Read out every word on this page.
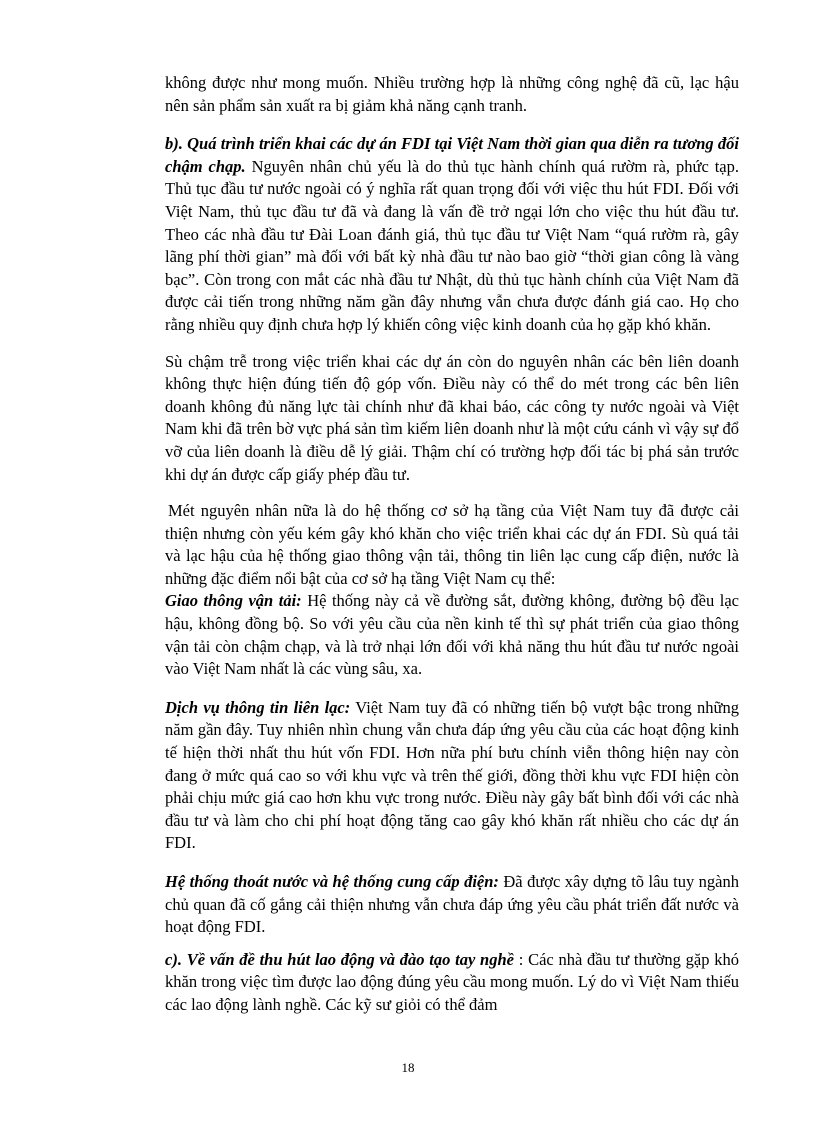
không được như mong muốn. Nhiều trường hợp là những công nghệ đã cũ, lạc hậu nên sản phẩm sản xuất ra bị giảm khả năng cạnh tranh.

b). Quá trình triển khai các dự án FDI tại Việt Nam thời gian qua diễn ra tương đối chậm chạp. Nguyên nhân chủ yếu là do thủ tục hành chính quá rườm rà, phức tạp. Thủ tục đầu tư nước ngoài có ý nghĩa rất quan trọng đối với việc thu hút FDI. Đối với Việt Nam, thủ tục đầu tư đã và đang là vấn đề trở ngại lớn cho việc thu hút đầu tư. Theo các nhà đầu tư Đài Loan đánh giá, thủ tục đầu tư Việt Nam “quá rườm rà, gây lãng phí thời gian” mà đối với bất kỳ nhà đầu tư nào bao giờ “thời gian công là vàng bạc”. Còn trong con mắt các nhà đầu tư Nhật, dù thủ tục hành chính của Việt Nam đã được cải tiến trong những năm gần đây nhưng vẫn chưa được đánh giá cao. Họ cho rằng nhiều quy định chưa hợp lý khiến công việc kinh doanh của họ gặp khó khăn.

Sù chậm trễ trong việc triển khai các dự án còn do nguyên nhân các bên liên doanh không thực hiện đúng tiến độ góp vốn. Điều này có thể do mét trong các bên liên doanh không đủ năng lực tài chính như đã khai báo, các công ty nước ngoài và Việt Nam khi đã trên bờ vực phá sản tìm kiếm liên doanh như là một cứu cánh vì vậy sự đổ vỡ của liên doanh là điều dễ lý giải. Thậm chí có trường hợp đối tác bị phá sản trước khi dự án được cấp giấy phép đầu tư.

Mét nguyên nhân nữa là do hệ thống cơ sở hạ tầng của Việt Nam tuy đã được cải thiện nhưng còn yếu kém gây khó khăn cho việc triển khai các dự án FDI. Sù quá tải và lạc hậu của hệ thống giao thông vận tải, thông tin liên lạc cung cấp điện, nước là những đặc điểm nổi bật của cơ sở hạ tầng Việt Nam cụ thể:

Giao thông vận tải: Hệ thống này cả về đường sắt, đường không, đường bộ đều lạc hậu, không đồng bộ. So với yêu cầu của nền kinh tế thì sự phát triển của giao thông vận tải còn chậm chạp, và là trở nhại lớn đối với khả năng thu hút đầu tư nước ngoài vào Việt Nam nhất là các vùng sâu, xa.

Dịch vụ thông tin liên lạc: Việt Nam tuy đã có những tiến bộ vượt bậc trong những năm gần đây. Tuy nhiên nhìn chung vẫn chưa đáp ứng yêu cầu của các hoạt động kinh tế hiện thời nhất thu hút vốn FDI. Hơn nữa phí bưu chính viễn thông hiện nay còn đang ở mức quá cao so với khu vực và trên thế giới, đồng thời khu vực FDI hiện còn phải chịu mức giá cao hơn khu vực trong nước. Điều này gây bất bình đối với các nhà đầu tư và làm cho chi phí hoạt động tăng cao gây khó khăn rất nhiều cho các dự án FDI.

Hệ thống thoát nước và hệ thống cung cấp điện: Đã được xây dựng tõ lâu tuy ngành chủ quan đã cố gắng cải thiện nhưng vẫn chưa đáp ứng yêu cầu phát triển đất nước và hoạt động FDI.

c). Về vấn đề thu hút lao động và đào tạo tay nghề : Các nhà đầu tư thường gặp khó khăn trong việc tìm được lao động đúng yêu cầu mong muốn. Lý do vì Việt Nam thiếu các lao động lành nghề. Các kỹ sư giỏi có thể đảm

18
